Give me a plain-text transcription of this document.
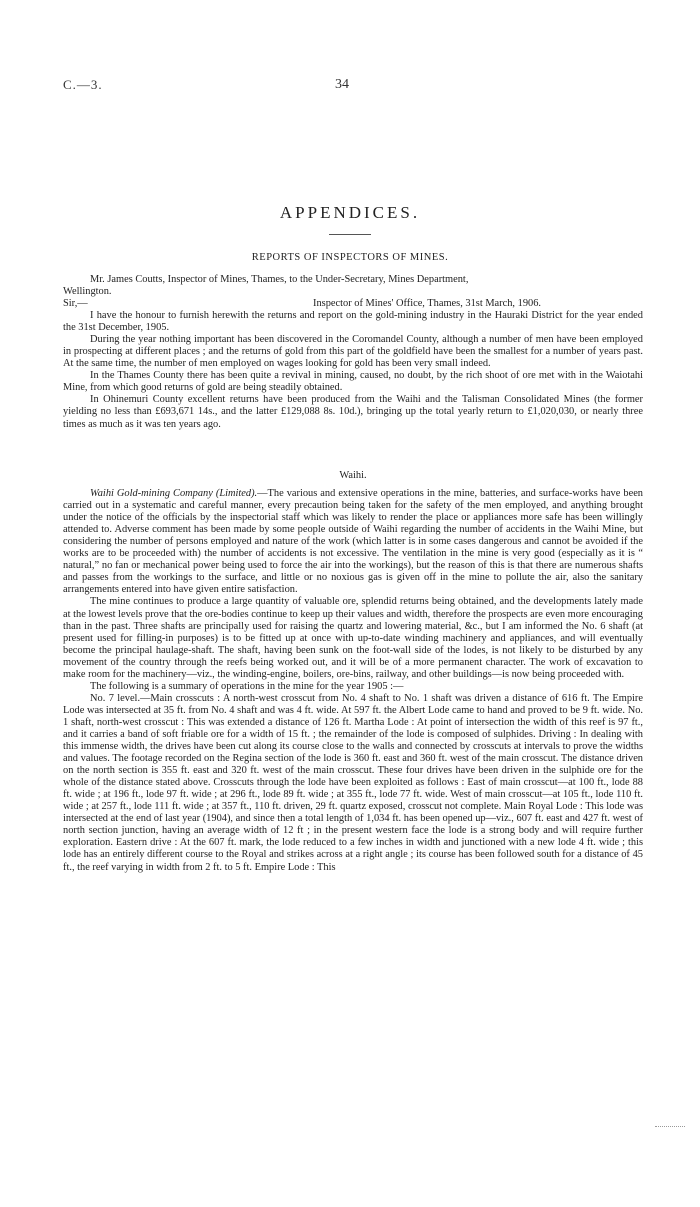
C.—3.	34
APPENDICES.
REPORTS OF INSPECTORS OF MINES.

Mr. James Coutts, Inspector of Mines, Thames, to the Under-Secretary, Mines Department,

Wellington.

Sir,—	Inspector of Mines' Office, Thames, 31st March, 1906.

I have the honour to furnish herewith the returns and report on the gold-mining industry in the Hauraki District for the year ended the 31st December, 1905.

During the year nothing important has been discovered in the Coromandel County, although a number of men have been employed in prospecting at different places ; and the returns of gold from this part of the goldfield have been the smallest for a number of years past. At the same time, the number of men employed on wages looking for gold has been very small indeed.

In the Thames County there has been quite a revival in mining, caused, no doubt, by the rich shoot of ore met with in the Waiotahi Mine, from which good returns of gold are being steadily obtained.

In Ohinemuri County excellent returns have been produced from the Waihi and the Talisman Consolidated Mines (the former yielding no less than £693,671 14s., and the latter £129,088 8s. 10d.), bringing up the total yearly return to £1,020,030, or nearly three times as much as it was ten years ago.

Waihi.

Waihi Gold-mining Company (Limited).—The various and extensive operations in the mine, batteries, and surface-works have been carried out in a systematic and careful manner, every precaution being taken for the safety of the men employed, and anything brought under the notice of the officials by the inspectorial staff which was likely to render the place or appliances more safe has been willingly attended to. Adverse comment has been made by some people outside of Waihi regarding the number of accidents in the Waihi Mine, but considering the number of persons employed and nature of the work (which latter is in some cases dangerous and cannot be avoided if the works are to be proceeded with) the number of accidents is not excessive. The ventilation in the mine is very good (especially as it is “ natural,” no fan or mechanical power being used to force the air into the workings), but the reason of this is that there are numerous shafts and passes from the workings to the surface, and little or no noxious gas is given off in the mine to pollute the air, also the sanitary arrangements entered into have given entire satisfaction.

The mine continues to produce a large quantity of valuable ore, splendid returns being obtained, and the developments lately made at the lowest levels prove that the ore-bodies continue to keep up their values and width, therefore the prospects are even more encouraging than in the past. Three shafts are principally used for raising the quartz and lowering material, &c., but I am informed the No. 6 shaft (at present used for filling-in purposes) is to be fitted up at once with up-to-date winding machinery and appliances, and will eventually become the principal haulage-shaft. The shaft, having been sunk on the foot-wall side of the lodes, is not likely to be disturbed by any movement of the country through the reefs being worked out, and it will be of a more permanent character. The work of excavation to make room for the machinery—viz., the winding-engine, boilers, ore-bins, railway, and other buildings—is now being proceeded with.

The following is a summary of operations in the mine for the year 1905 :—

No. 7 level.—Main crosscuts : A north-west crosscut from No. 4 shaft to No. 1 shaft was driven a distance of 616 ft. The Empire Lode was intersected at 35 ft. from No. 4 shaft and was 4 ft. wide. At 597 ft. the Albert Lode came to hand and proved to be 9 ft. wide. No. 1 shaft, north-west crosscut : This was extended a distance of 126 ft. Martha Lode : At point of intersection the width of this reef is 97 ft., and it carries a band of soft friable ore for a width of 15 ft. ; the remainder of the lode is composed of sulphides. Driving : In dealing with this immense width, the drives have been cut along its course close to the walls and connected by crosscuts at intervals to prove the widths and values. The footage recorded on the Regina section of the lode is 360 ft. east and 360 ft. west of the main crosscut. The distance driven on the north section is 355 ft. east and 320 ft. west of the main crosscut. These four drives have been driven in the sulphide ore for the whole of the distance stated above. Crosscuts through the lode have been exploited as follows : East of main crosscut—at 100 ft., lode 88 ft. wide ; at 196 ft., lode 97 ft. wide ; at 296 ft., lode 89 ft. wide ; at 355 ft., lode 77 ft. wide. West of main crosscut—at 105 ft., lode 110 ft. wide ; at 257 ft., lode 111 ft. wide ; at 357 ft., 110 ft. driven, 29 ft. quartz exposed, crosscut not complete. Main Royal Lode : This lode was intersected at the end of last year (1904), and since then a total length of 1,034 ft. has been opened up—viz., 607 ft. east and 427 ft. west of north section junction, having an average width of 12 ft ; in the present western face the lode is a strong body and will require further exploration. Eastern drive : At the 607 ft. mark, the lode reduced to a few inches in width and junctioned with a new lode 4 ft. wide ; this lode has an entirely different course to the Royal and strikes across at a right angle ; its course has been followed south for a distance of 45 ft., the reef varying in width from 2 ft. to 5 ft. Empire Lode : This
